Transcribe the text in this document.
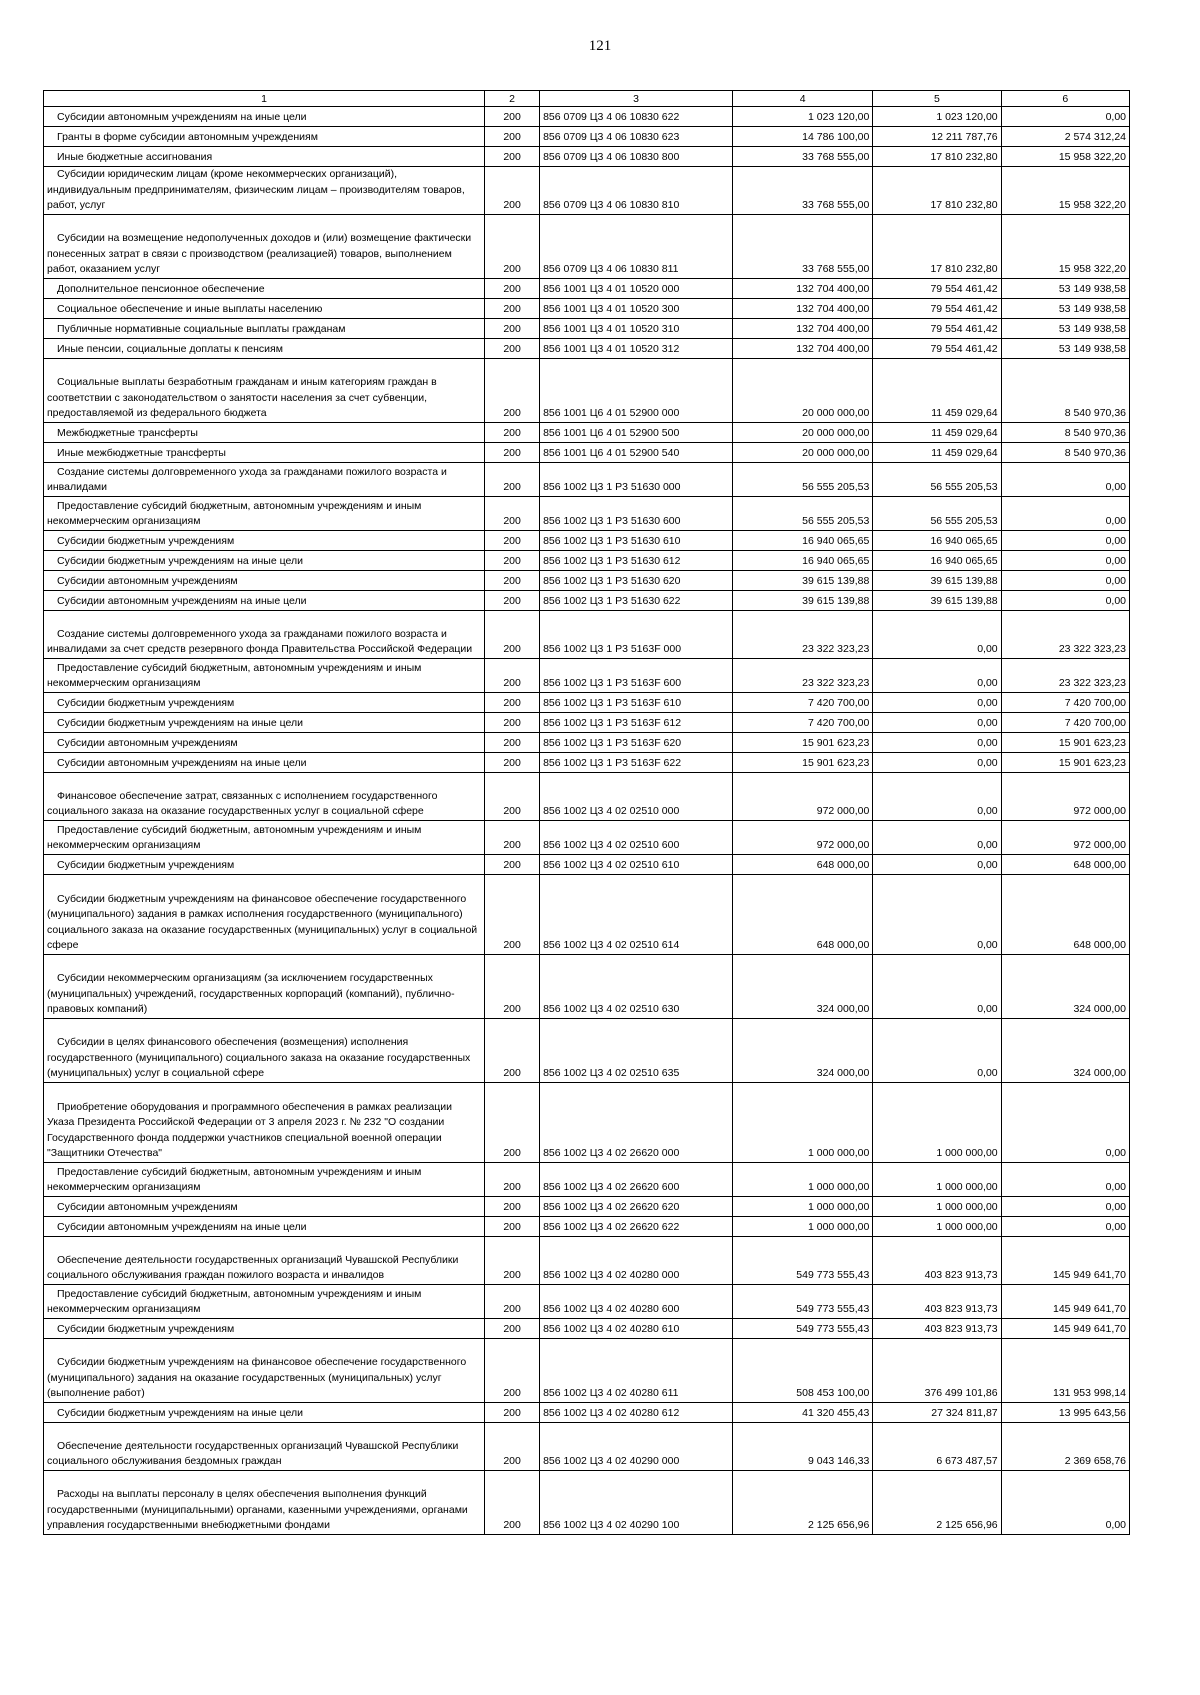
121
1	2	3	4	5	6
Субсидии автономным учреждениям на иные цели	200	856 0709 Ц3 4 06 10830 622	1 023 120,00	1 023 120,00	0,00
Гранты в форме субсидии автономным учреждениям	200	856 0709 Ц3 4 06 10830 623	14 786 100,00	12 211 787,76	2 574 312,24
Иные бюджетные ассигнования	200	856 0709 Ц3 4 06 10830 800	33 768 555,00	17 810 232,80	15 958 322,20
Субсидии юридическим лицам (кроме некоммерческих организаций), индивидуальным предпринимателям, физическим лицам – производителям товаров, работ, услуг	200	856 0709 Ц3 4 06 10830 810	33 768 555,00	17 810 232,80	15 958 322,20
Субсидии на возмещение недополученных доходов и (или) возмещение фактически понесенных затрат в связи с производством (реализацией) товаров, выполнением работ, оказанием услуг	200	856 0709 Ц3 4 06 10830 811	33 768 555,00	17 810 232,80	15 958 322,20
Дополнительное пенсионное обеспечение	200	856 1001 Ц3 4 01 10520 000	132 704 400,00	79 554 461,42	53 149 938,58
Социальное обеспечение и иные выплаты населению	200	856 1001 Ц3 4 01 10520 300	132 704 400,00	79 554 461,42	53 149 938,58
Публичные нормативные социальные выплаты гражданам	200	856 1001 Ц3 4 01 10520 310	132 704 400,00	79 554 461,42	53 149 938,58
Иные пенсии, социальные доплаты к пенсиям	200	856 1001 Ц3 4 01 10520 312	132 704 400,00	79 554 461,42	53 149 938,58
Социальные выплаты безработным гражданам и иным категориям граждан в соответствии с законодательством о занятости населения за счет субвенции, предоставляемой из федерального бюджета	200	856 1001 Ц6 4 01 52900 000	20 000 000,00	11 459 029,64	8 540 970,36
Межбюджетные трансферты	200	856 1001 Ц6 4 01 52900 500	20 000 000,00	11 459 029,64	8 540 970,36
Иные межбюджетные трансферты	200	856 1001 Ц6 4 01 52900 540	20 000 000,00	11 459 029,64	8 540 970,36
Создание системы долговременного ухода за гражданами пожилого возраста и инвалидами	200	856 1002 Ц3 1 Р3 51630 000	56 555 205,53	56 555 205,53	0,00
Предоставление субсидий бюджетным, автономным учреждениям и иным некоммерческим организациям	200	856 1002 Ц3 1 Р3 51630 600	56 555 205,53	56 555 205,53	0,00
Субсидии бюджетным учреждениям	200	856 1002 Ц3 1 Р3 51630 610	16 940 065,65	16 940 065,65	0,00
Субсидии бюджетным учреждениям на иные цели	200	856 1002 Ц3 1 Р3 51630 612	16 940 065,65	16 940 065,65	0,00
Субсидии автономным учреждениям	200	856 1002 Ц3 1 Р3 51630 620	39 615 139,88	39 615 139,88	0,00
Субсидии автономным учреждениям на иные цели	200	856 1002 Ц3 1 Р3 51630 622	39 615 139,88	39 615 139,88	0,00
Создание системы долговременного ухода за гражданами пожилого возраста и инвалидами за счет средств резервного фонда Правительства Российской Федерации	200	856 1002 Ц3 1 Р3 5163F 000	23 322 323,23	0,00	23 322 323,23
Предоставление субсидий бюджетным, автономным учреждениям и иным некоммерческим организациям	200	856 1002 Ц3 1 Р3 5163F 600	23 322 323,23	0,00	23 322 323,23
Субсидии бюджетным учреждениям	200	856 1002 Ц3 1 Р3 5163F 610	7 420 700,00	0,00	7 420 700,00
Субсидии бюджетным учреждениям на иные цели	200	856 1002 Ц3 1 Р3 5163F 612	7 420 700,00	0,00	7 420 700,00
Субсидии автономным учреждениям	200	856 1002 Ц3 1 Р3 5163F 620	15 901 623,23	0,00	15 901 623,23
Субсидии автономным учреждениям на иные цели	200	856 1002 Ц3 1 Р3 5163F 622	15 901 623,23	0,00	15 901 623,23
Финансовое обеспечение затрат, связанных с исполнением государственного социального заказа на оказание государственных услуг в социальной сфере	200	856 1002 Ц3 4 02 02510 000	972 000,00	0,00	972 000,00
Предоставление субсидий бюджетным, автономным учреждениям и иным некоммерческим организациям	200	856 1002 Ц3 4 02 02510 600	972 000,00	0,00	972 000,00
Субсидии бюджетным учреждениям	200	856 1002 Ц3 4 02 02510 610	648 000,00	0,00	648 000,00
Субсидии бюджетным учреждениям на финансовое обеспечение государственного (муниципального) задания в рамках исполнения государственного (муниципального) социального заказа на оказание государственных (муниципальных) услуг в социальной сфере	200	856 1002 Ц3 4 02 02510 614	648 000,00	0,00	648 000,00
Субсидии некоммерческим организациям (за исключением государственных (муниципальных) учреждений, государственных корпораций (компаний), публично-правовых компаний)	200	856 1002 Ц3 4 02 02510 630	324 000,00	0,00	324 000,00
Субсидии в целях финансового обеспечения (возмещения) исполнения государственного (муниципального) социального заказа на оказание государственных (муниципальных) услуг в социальной сфере	200	856 1002 Ц3 4 02 02510 635	324 000,00	0,00	324 000,00
Приобретение оборудования и программного обеспечения в рамках реализации Указа Президента Российской Федерации от 3 апреля 2023 г. № 232 "О создании Государственного фонда поддержки участников специальной военной операции "Защитники Отечества"	200	856 1002 Ц3 4 02 26620 000	1 000 000,00	1 000 000,00	0,00
Предоставление субсидий бюджетным, автономным учреждениям и иным некоммерческим организациям	200	856 1002 Ц3 4 02 26620 600	1 000 000,00	1 000 000,00	0,00
Субсидии автономным учреждениям	200	856 1002 Ц3 4 02 26620 620	1 000 000,00	1 000 000,00	0,00
Субсидии автономным учреждениям на иные цели	200	856 1002 Ц3 4 02 26620 622	1 000 000,00	1 000 000,00	0,00
Обеспечение деятельности государственных организаций Чувашской Республики социального обслуживания граждан пожилого возраста и инвалидов	200	856 1002 Ц3 4 02 40280 000	549 773 555,43	403 823 913,73	145 949 641,70
Предоставление субсидий бюджетным, автономным учреждениям и иным некоммерческим организациям	200	856 1002 Ц3 4 02 40280 600	549 773 555,43	403 823 913,73	145 949 641,70
Субсидии бюджетным учреждениям	200	856 1002 Ц3 4 02 40280 610	549 773 555,43	403 823 913,73	145 949 641,70
Субсидии бюджетным учреждениям на финансовое обеспечение государственного (муниципального) задания на оказание государственных (муниципальных) услуг (выполнение работ)	200	856 1002 Ц3 4 02 40280 611	508 453 100,00	376 499 101,86	131 953 998,14
Субсидии бюджетным учреждениям на иные цели	200	856 1002 Ц3 4 02 40280 612	41 320 455,43	27 324 811,87	13 995 643,56
Обеспечение деятельности государственных организаций Чувашской Республики социального обслуживания бездомных граждан	200	856 1002 Ц3 4 02 40290 000	9 043 146,33	6 673 487,57	2 369 658,76
Расходы на выплаты персоналу в целях обеспечения выполнения функций государственными (муниципальными) органами, казенными учреждениями, органами управления государственными внебюджетными фондами	200	856 1002 Ц3 4 02 40290 100	2 125 656,96	2 125 656,96	0,00
